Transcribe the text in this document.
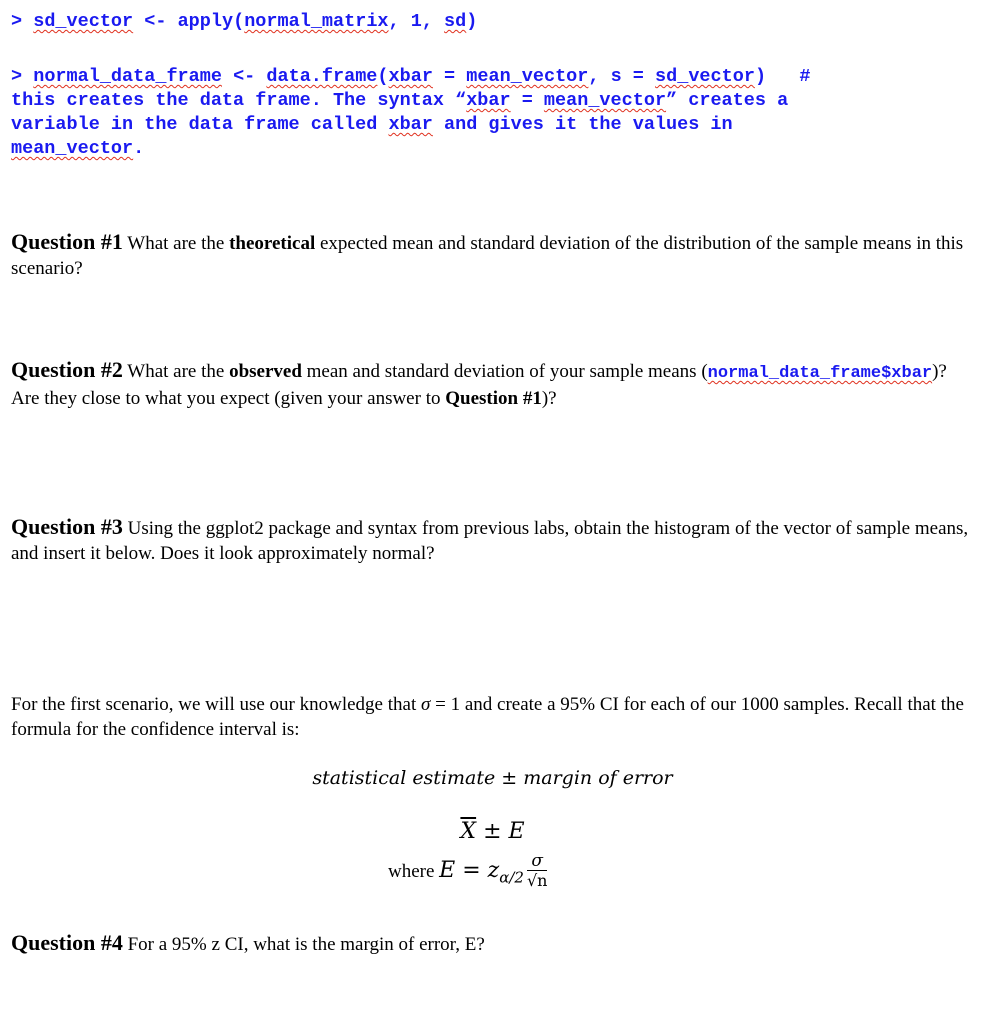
> sd_vector <- apply(normal_matrix, 1, sd)
> normal_data_frame <- data.frame(xbar = mean_vector, s = sd_vector) #
this creates the data frame. The syntax “xbar = mean_vector” creates a
variable in the data frame called xbar and gives it the values in
mean_vector.
Question #1 What are the theoretical expected mean and standard deviation of the distribution of the sample means in this scenario?
Question #2 What are the observed mean and standard deviation of your sample means (normal_data_frame$xbar)? Are they close to what you expect (given your answer to Question #1)?
Question #3 Using the ggplot2 package and syntax from previous labs, obtain the histogram of the vector of sample means, and insert it below. Does it look approximately normal?
For the first scenario, we will use our knowledge that σ = 1 and create a 95% CI for each of our 1000 samples. Recall that the formula for the confidence interval is:
statistical estimate ± margin of error
$\overline{X} \pm E$
where $E = z_{\alpha/2} \frac{\sigma}{√n}$
Question #4 For a 95% z CI, what is the margin of error, E?
